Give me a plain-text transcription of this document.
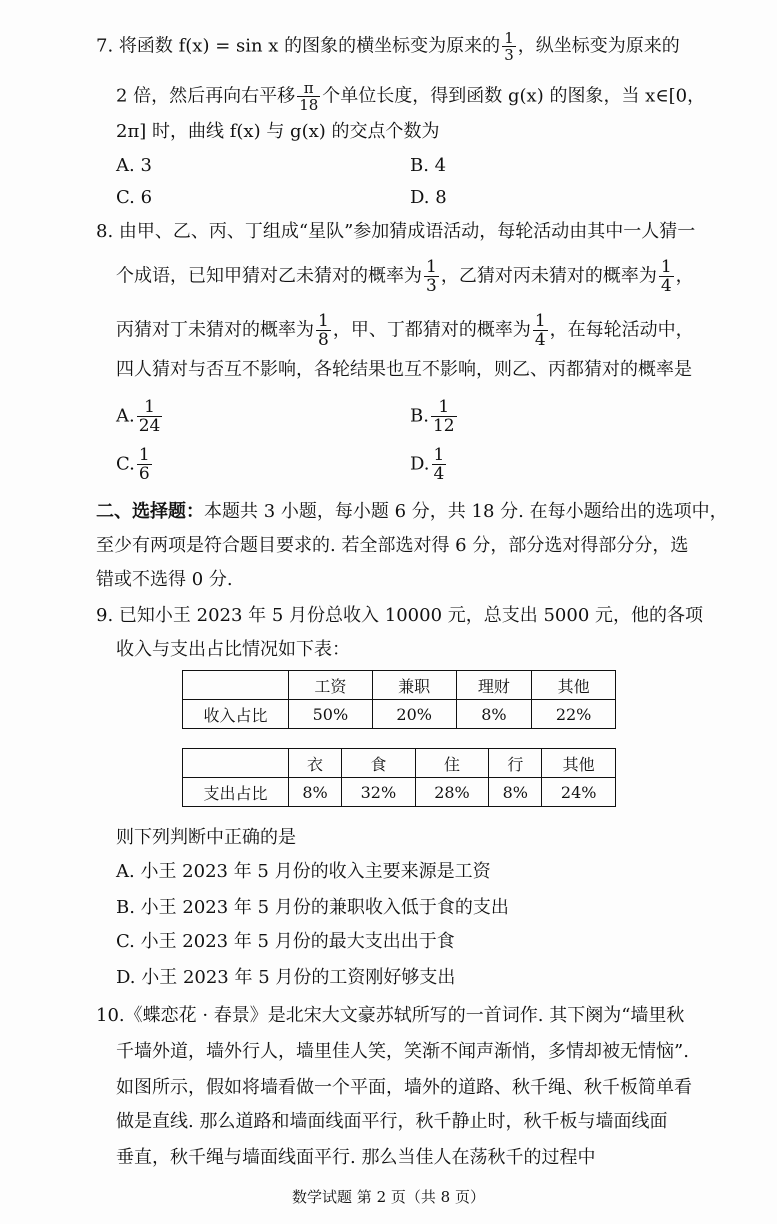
7. 将函数 f(x) = sin x 的图象的横坐标变为原来的 $\frac{1}{3}$ ，纵坐标变为原来的
2 倍，然后再向右平移 $\frac{\pi}{18}$ 个单位长度，得到函数 g(x) 的图象，当 x∈[0，
2π] 时，曲线 f(x) 与 g(x) 的交点个数为
A. 3	B. 4
C. 6	D. 8
8. 由甲、乙、丙、丁组成“星队”参加猜成语活动，每轮活动由其中一人猜一
个成语，已知甲猜对乙未猜对的概率为 $\frac{1}{3}$ ，乙猜对丙未猜对的概率为 $\frac{1}{4}$ ，
丙猜对丁未猜对的概率为 $\frac{1}{8}$ ，甲、丁都猜对的概率为 $\frac{1}{4}$ ，在每轮活动中，
四人猜对与否互不影响，各轮结果也互不影响，则乙、丙都猜对的概率是
A. $\frac{1}{24}$	B. $\frac{1}{12}$
C. $\frac{1}{6}$	D. $\frac{1}{4}$
二、选择题：本题共 3 小题，每小题 6 分，共 18 分. 在每小题给出的选项中，
至少有两项是符合题目要求的. 若全部选对得 6 分，部分选对得部分分，选
错或不选得 0 分.
9. 已知小王 2023 年 5 月份总收入 10000 元，总支出 5000 元，他的各项
收入与支出占比情况如下表：
	工资	兼职	理财	其他
收入占比	50%	20%	8%	22%
	衣	食	住	行	其他
支出占比	8%	32%	28%	8%	24%
则下列判断中正确的是
A. 小王 2023 年 5 月份的收入主要来源是工资
B. 小王 2023 年 5 月份的兼职收入低于食的支出
C. 小王 2023 年 5 月份的最大支出出于食
D. 小王 2023 年 5 月份的工资刚好够支出
10.《蝶恋花 · 春景》是北宋大文豪苏轼所写的一首词作. 其下阕为“墙里秋
千墙外道，墙外行人，墙里佳人笑，笑渐不闻声渐悄，多情却被无情恼”.
如图所示，假如将墙看做一个平面，墙外的道路、秋千绳、秋千板简单看
做是直线. 那么道路和墙面线面平行，秋千静止时，秋千板与墙面线面
垂直，秋千绳与墙面线面平行. 那么当佳人在荡秋千的过程中
数学试题 第 2 页（共 8 页）
